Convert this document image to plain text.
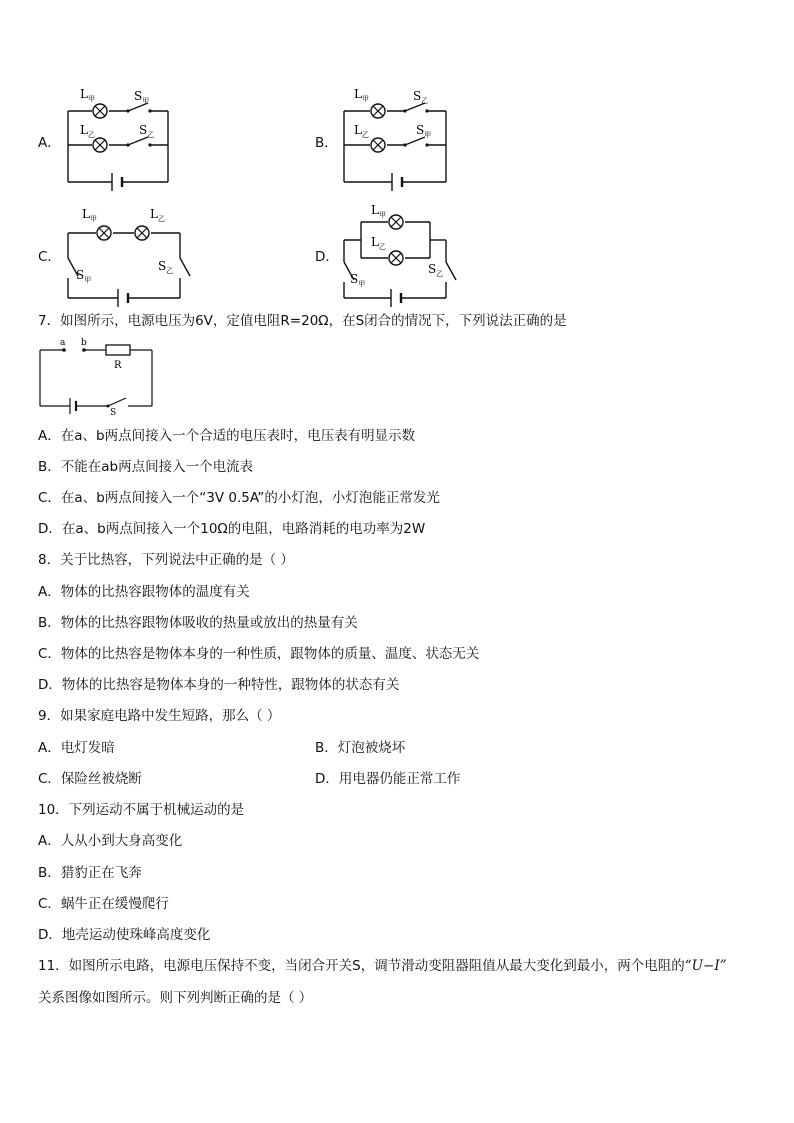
A．	B．
C．	D．
$L_甲$	$S_甲$
$L_乙$	$S_乙$
$L_甲$	$S_乙$
$L_乙$	$S_甲$
$L_甲$	$L_乙$
$S_甲$
$S_乙$
$L_甲$
$L_乙$
$S_甲$
$S_乙$
7．如图所示，电源电压为6V，定值电阻R=20Ω，在S闭合的情况下，下列说法正确的是
a b
R
S
A．在a、b两点间接入一个合适的电压表时，电压表有明显示数
B．不能在ab两点间接入一个电流表
C．在a、b两点间接入一个“3V 0.5A”的小灯泡，小灯泡能正常发光
D．在a、b两点间接入一个10Ω的电阻，电路消耗的电功率为2W
8．关于比热容，下列说法中正确的是（ ）
A．物体的比热容跟物体的温度有关
B．物体的比热容跟物体吸收的热量或放出的热量有关
C．物体的比热容是物体本身的一种性质，跟物体的质量、温度、状态无关
D．物体的比热容是物体本身的一种特性，跟物体的状态有关
9．如果家庭电路中发生短路，那么（ ）
A．电灯发暗	B．灯泡被烧坏
C．保险丝被烧断	D．用电器仍能正常工作
10．下列运动不属于机械运动的是
A．人从小到大身高变化
B．猎豹正在飞奔
C．蜗牛正在缓慢爬行
D．地壳运动使珠峰高度变化
11．如图所示电路，电源电压保持不变，当闭合开关S，调节滑动变阻器阻值从最大变化到最小，两个电阻的“U−I”
关系图像如图所示。则下列判断正确的是（ ）
